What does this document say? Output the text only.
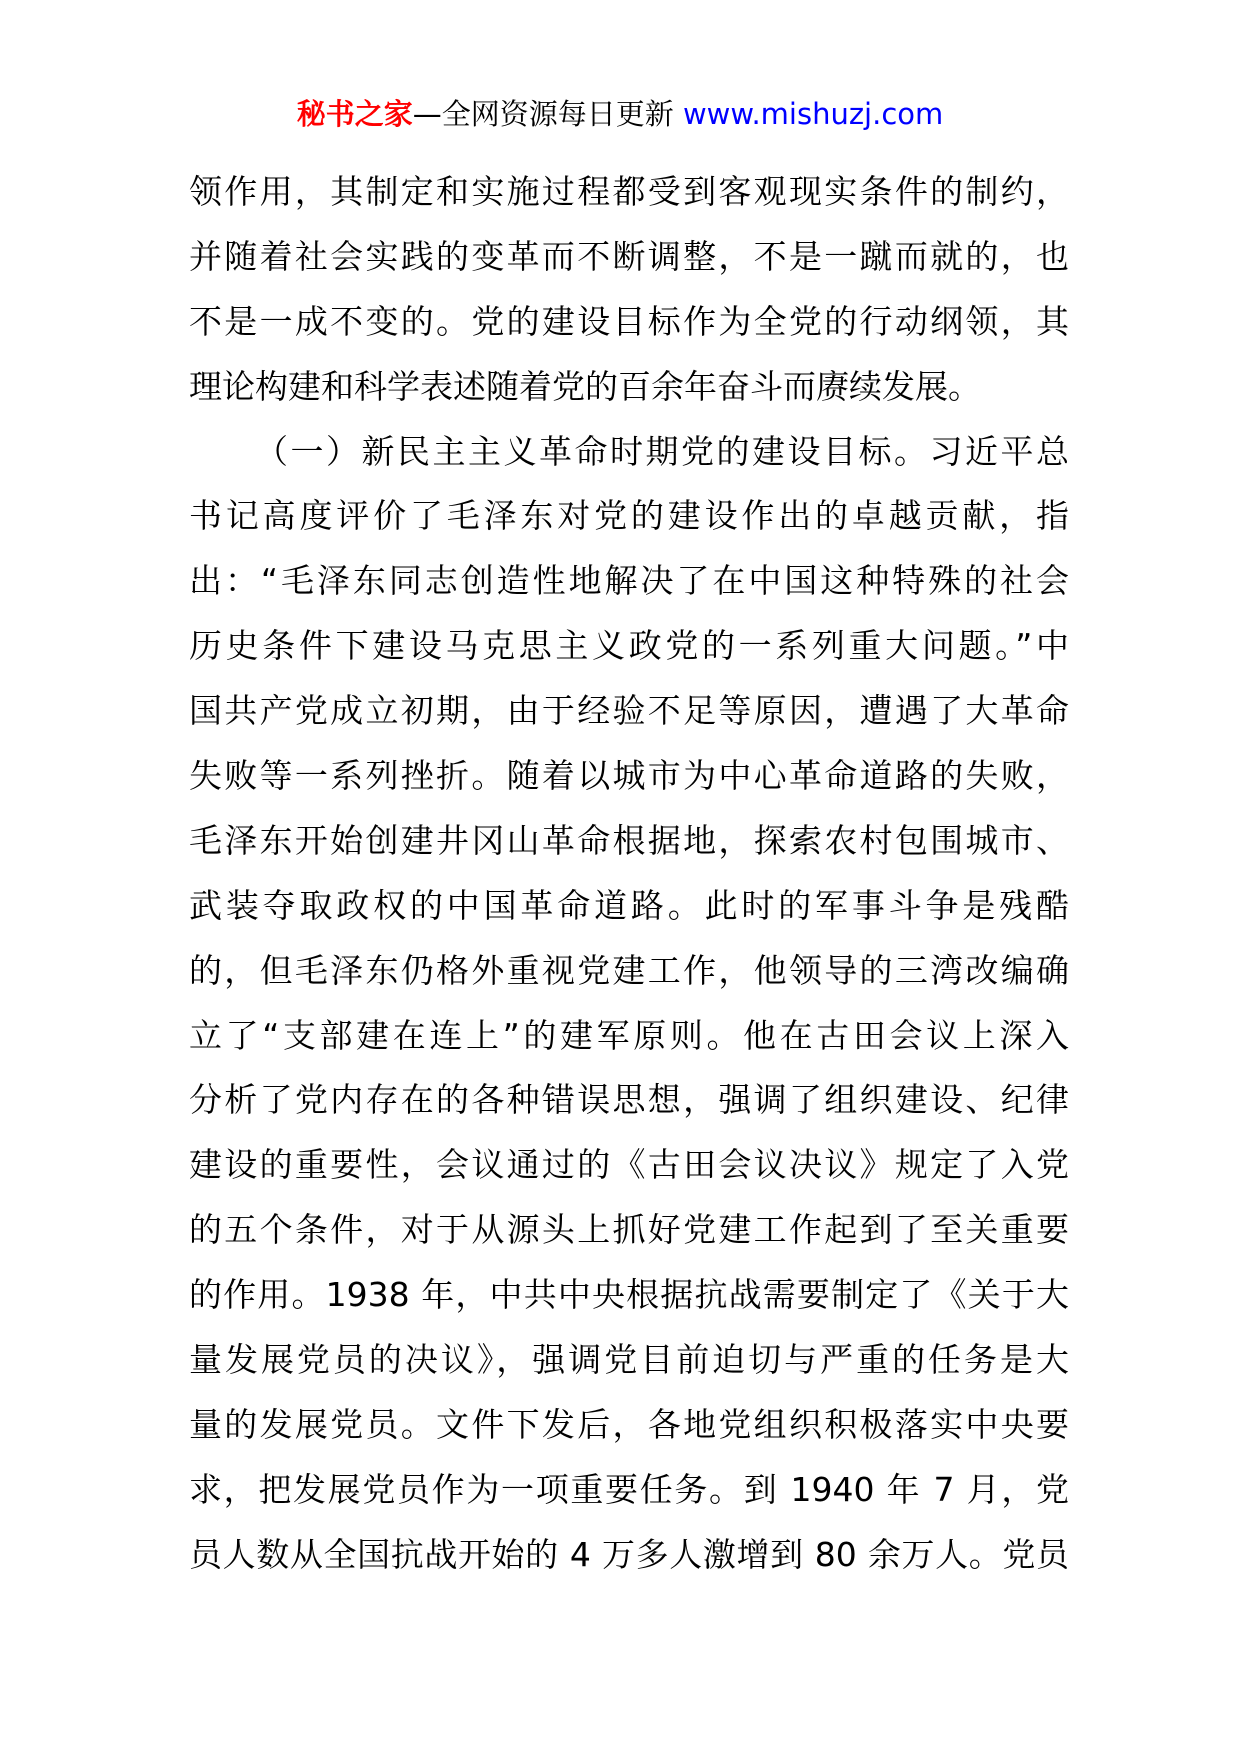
秘书之家—全网资源每日更新 www.mishuzj.com
领作用，其制定和实施过程都受到客观现实条件的制约，
并随着社会实践的变革而不断调整，不是一蹴而就的，也
不是一成不变的。党的建设目标作为全党的行动纲领，其
理论构建和科学表述随着党的百余年奋斗而赓续发展。
（一）新民主主义革命时期党的建设目标。习近平总
书记高度评价了毛泽东对党的建设作出的卓越贡献，指
出：“毛泽东同志创造性地解决了在中国这种特殊的社会
历史条件下建设马克思主义政党的一系列重大问题。”中
国共产党成立初期，由于经验不足等原因，遭遇了大革命
失败等一系列挫折。随着以城市为中心革命道路的失败，
毛泽东开始创建井冈山革命根据地，探索农村包围城市、
武装夺取政权的中国革命道路。此时的军事斗争是残酷
的，但毛泽东仍格外重视党建工作，他领导的三湾改编确
立了“支部建在连上”的建军原则。他在古田会议上深入
分析了党内存在的各种错误思想，强调了组织建设、纪律
建设的重要性，会议通过的《古田会议决议》规定了入党
的五个条件，对于从源头上抓好党建工作起到了至关重要
的作用。1938 年，中共中央根据抗战需要制定了《关于大
量发展党员的决议》，强调党目前迫切与严重的任务是大
量的发展党员。文件下发后，各地党组织积极落实中央要
求，把发展党员作为一项重要任务。到 1940 年 7 月，党
员人数从全国抗战开始的 4 万多人激增到 80 余万人。党员
